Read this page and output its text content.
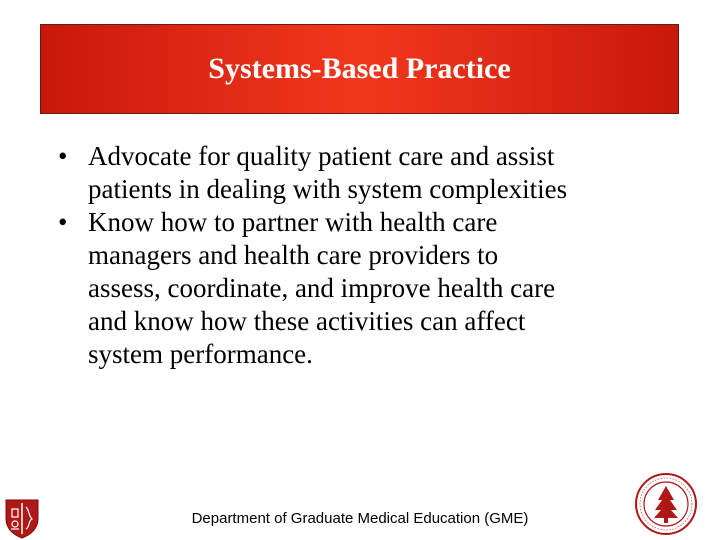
Systems-Based Practice
• Advocate for quality patient care and assist
patients in dealing with system complexities
• Know how to partner with health care
managers and health care providers to
assess, coordinate, and improve health care
and know how these activities can affect
system performance.
Department of Graduate Medical Education (GME)
